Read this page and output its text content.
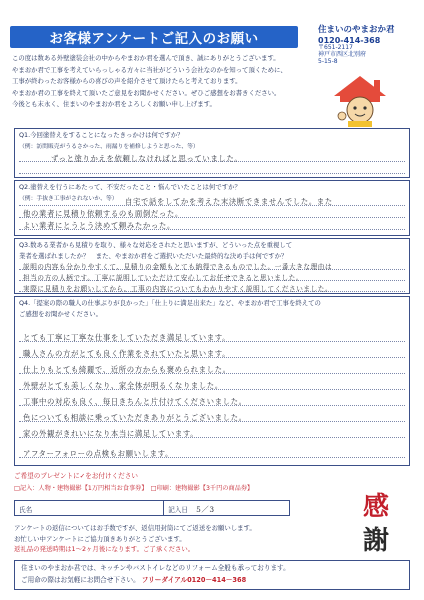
お客様アンケートご記入のお願い
住まいのやまおか君
0120-414-368
〒651-2117
神戸市西区北別府
5-15-8
この度は数ある外壁塗装会社の中からやまおか君を選んで頂き、誠にありがとうございます。
やまおか君で工事を考えていらっしゃる方々に当社がどういう会社なのかを知って頂くために、
工事が終わったお客様からの喜びの声を紹介させて頂けたらと考えております。
やまおか君の工事を終えて頂いたご意見をお聞かせください。ぜひご感想をお書きください。
今後とも末永く、住まいのやまおか君をよろしくお願い申し上げます。
Q1.今回塗替えをすることになったきっかけは何ですか？
（例：訪問販売がうるさかった、雨漏りを補修しようと思った、等）
ずっと塗りかえを依頼しなければと思っていました。
Q2.塗替えを行うにあたって、不安だったこと・悩んでいたことは何ですか？
（例：手抜き工事がされないか、等）	自宅で話をしてかを考えた末決断できませんでした。また
他の業者に見積り依頼するのも面倒だった。
よい業者にとうとう決めて頼みたかった。
Q3.数ある業者から見積りを取り、様々な対応をされたと思いますが、どういった点を重視して
業者を選ばれましたか？　また、やまおか君をご選択いただいた最終的な決め手は何ですか？
説明の内容も分かりやすくて、見積りの金額もとても納得できるものでした。一番大きな理由は
担当の方の人柄です。丁寧に説明していただけて安心してお任せできると思いました。
実際に見積りをお願いしてから、工事の内容についてもわかりやすく説明してくださいました。
Q4.「提案の際の職人の仕事ぶりが良かった」「仕上りに満足出来た」など、やまおか君で工事を終えての
ご感想をお聞かせください。
とても丁寧に丁寧な仕事をしていただき満足しています。
職人さんの方がとても良く作業をされていたと思います。
仕上りもとても綺麗で、近所の方からも褒められました。
外壁がとても美しくなり、家全体が明るくなりました。
工事中の対応も良く、毎日きちんと片付けてくださいました。
色についても相談に乗っていただきありがとうございました。
家の外観がきれいになり本当に満足しています。
アフターフォローの点検もお願いします。
ご希望のプレゼントに✓をお付けください
□記入：人物・建物撮影【1万円相当お食事券】　□印刷：建物撮影【3千円の商品券】
氏名	記入日 5／3
アンケートの返信についてはお手数ですが、返信用封筒にてご返送をお願いします。
お忙しい中アンケートにご協力頂きありがとうございます。
返礼品の発送時期は1～2ヶ月後になります。ご了承ください。
感
謝
住まいのやまおか君では、キッチンやバストイレなどのリフォーム全般も承っております。
ご用命の際はお気軽にお問合せ下さい。 フリーダイアル0120－414－368
